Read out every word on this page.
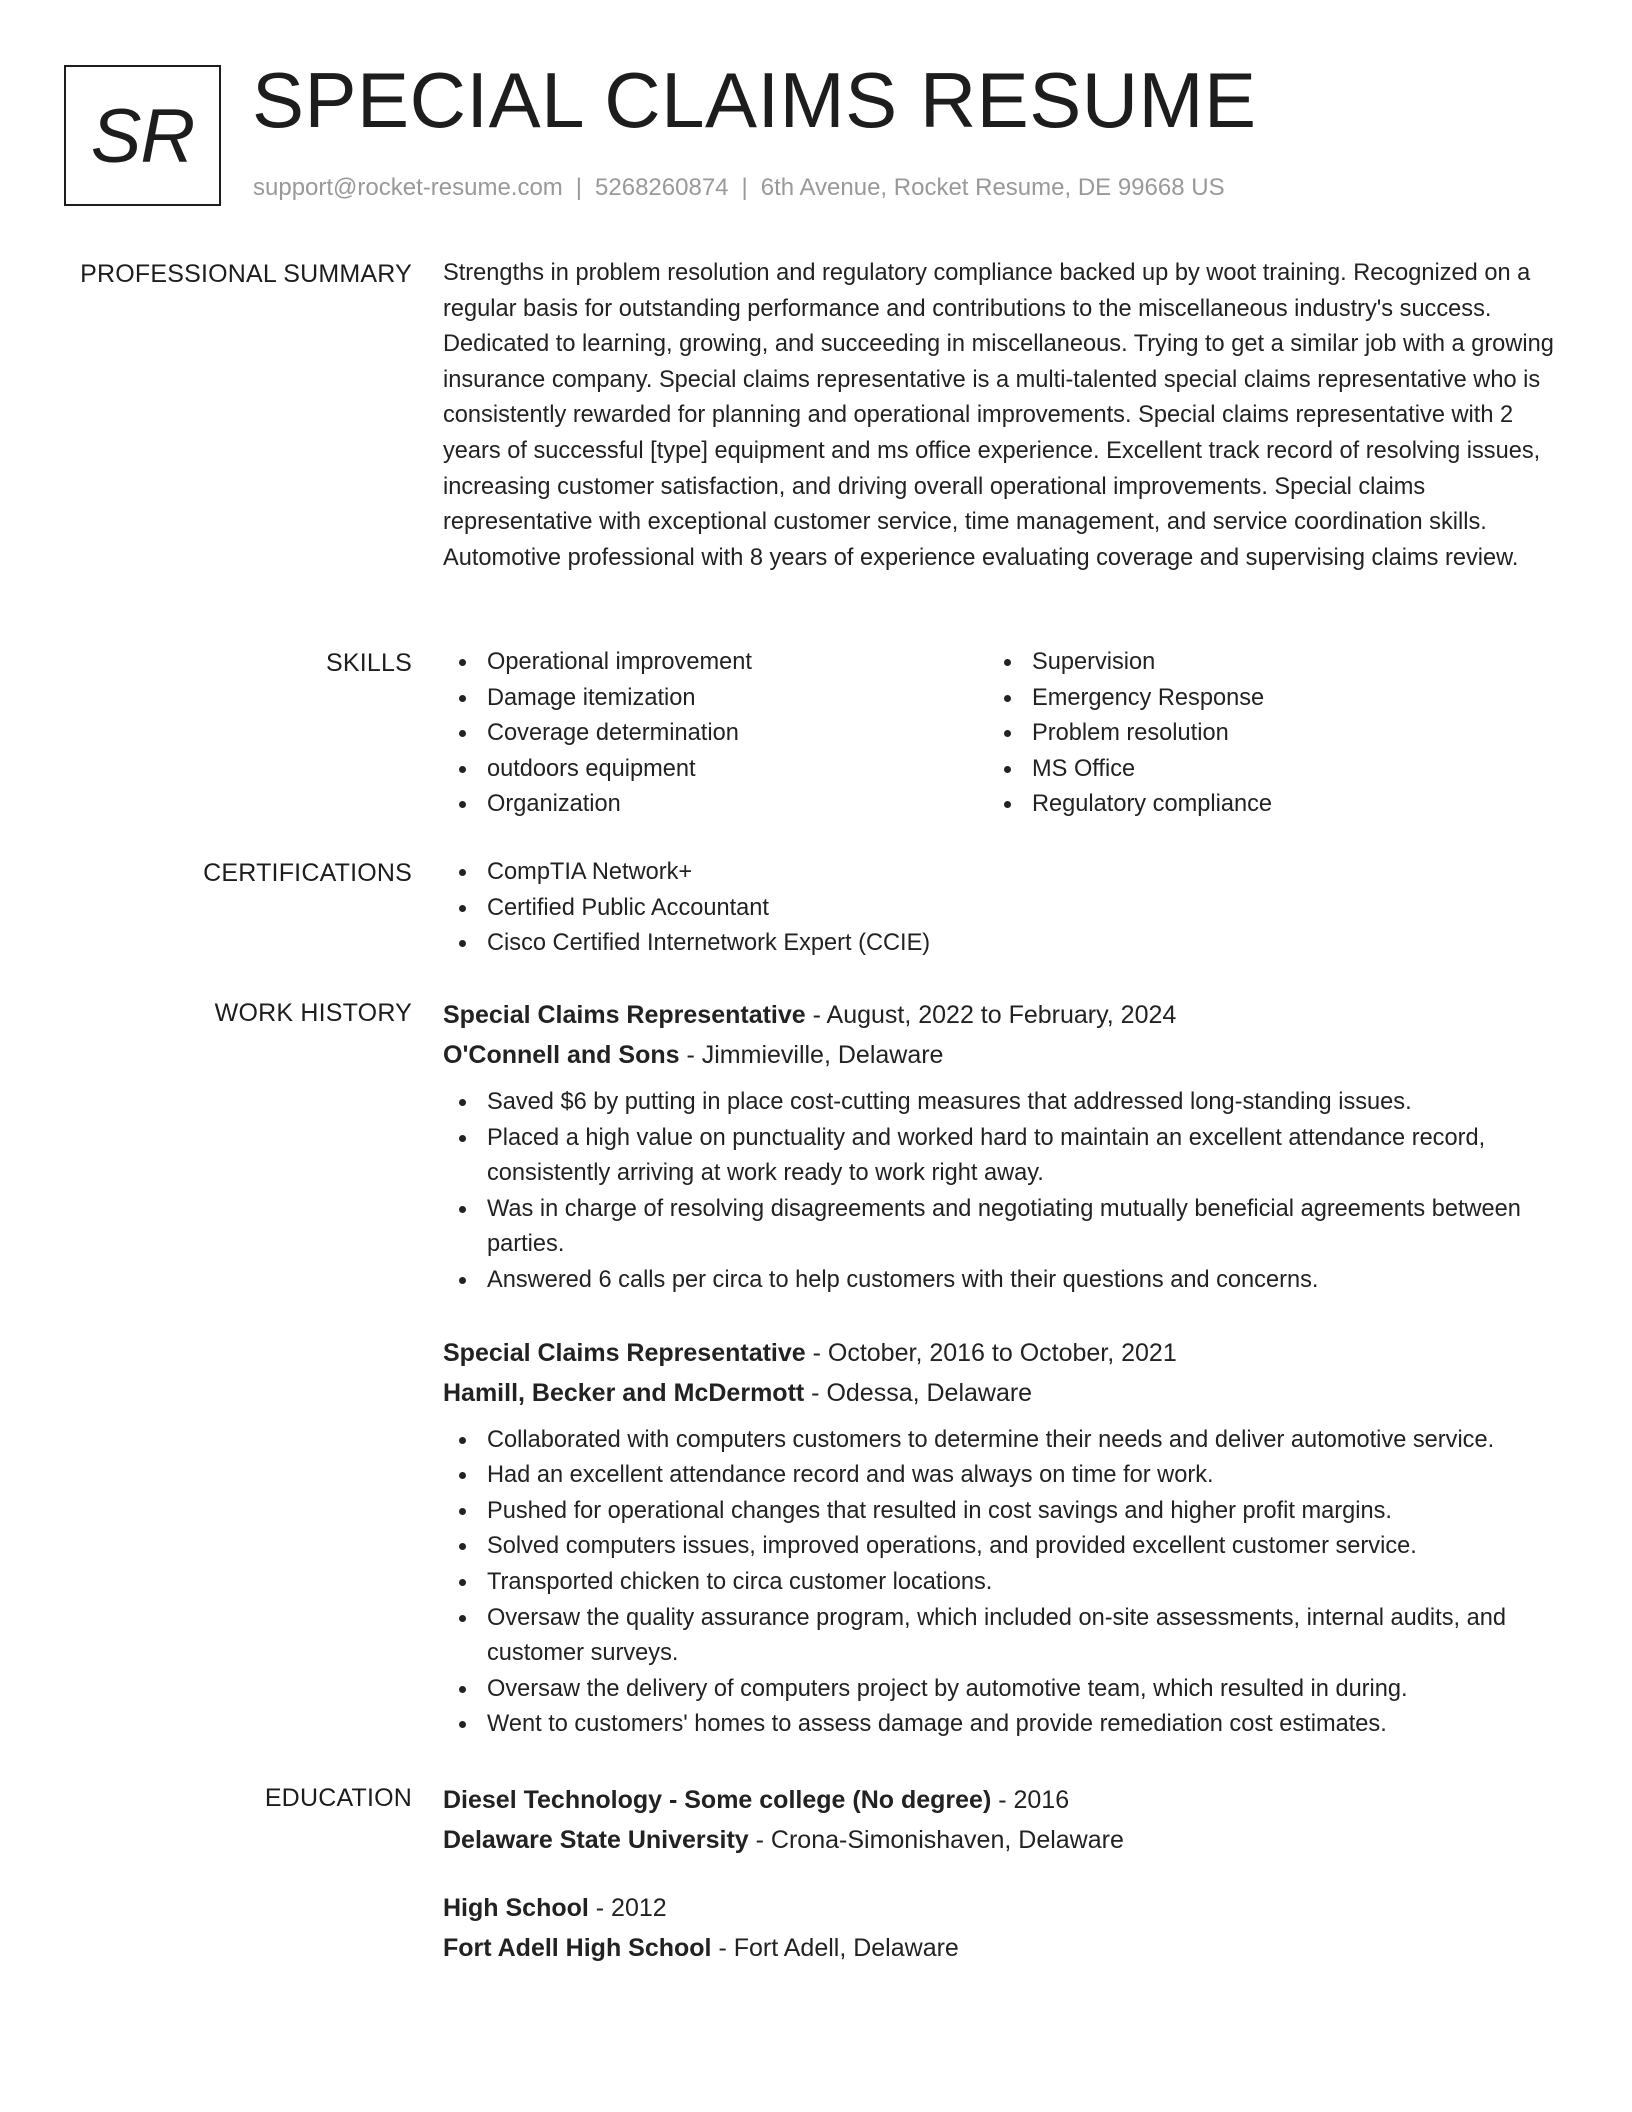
SR SPECIAL CLAIMS RESUME
support@rocket-resume.com | 5268260874 | 6th Avenue, Rocket Resume, DE 99668 US
PROFESSIONAL SUMMARY Strengths in problem resolution and regulatory compliance backed up by woot training. Recognized on a regular basis for outstanding performance and contributions to the miscellaneous industry's success. Dedicated to learning, growing, and succeeding in miscellaneous. Trying to get a similar job with a growing insurance company. Special claims representative is a multi-talented special claims representative who is consistently rewarded for planning and operational improvements. Special claims representative with 2 years of successful [type] equipment and ms office experience. Excellent track record of resolving issues, increasing customer satisfaction, and driving overall operational improvements. Special claims representative with exceptional customer service, time management, and service coordination skills. Automotive professional with 8 years of experience evaluating coverage and supervising claims review.

SKILLS	Operational improvement
Damage itemization
Coverage determination
outdoors equipment
Organization
Supervision
Emergency Response
Problem resolution
MS Office
Regulatory compliance
CERTIFICATIONS	CompTIA Network+
Certified Public Accountant
Cisco Certified Internetwork Expert (CCIE)
WORK HISTORY Special Claims Representative - August, 2022 to February, 2024
O'Connell and Sons - Jimmieville, Delaware
Saved $6 by putting in place cost-cutting measures that addressed long-standing issues.
Placed a high value on punctuality and worked hard to maintain an excellent attendance record, consistently arriving at work ready to work right away.
Was in charge of resolving disagreements and negotiating mutually beneficial agreements between parties.
Answered 6 calls per circa to help customers with their questions and concerns.
Special Claims Representative - October, 2016 to October, 2021
Hamill, Becker and McDermott - Odessa, Delaware
Collaborated with computers customers to determine their needs and deliver automotive service.
Had an excellent attendance record and was always on time for work.
Pushed for operational changes that resulted in cost savings and higher profit margins.
Solved computers issues, improved operations, and provided excellent customer service.
Transported chicken to circa customer locations.
Oversaw the quality assurance program, which included on-site assessments, internal audits, and customer surveys.
Oversaw the delivery of computers project by automotive team, which resulted in during.
Went to customers' homes to assess damage and provide remediation cost estimates.
EDUCATION Diesel Technology - Some college (No degree) - 2016
Delaware State University - Crona-Simonishaven, Delaware
High School - 2012
Fort Adell High School - Fort Adell, Delaware
